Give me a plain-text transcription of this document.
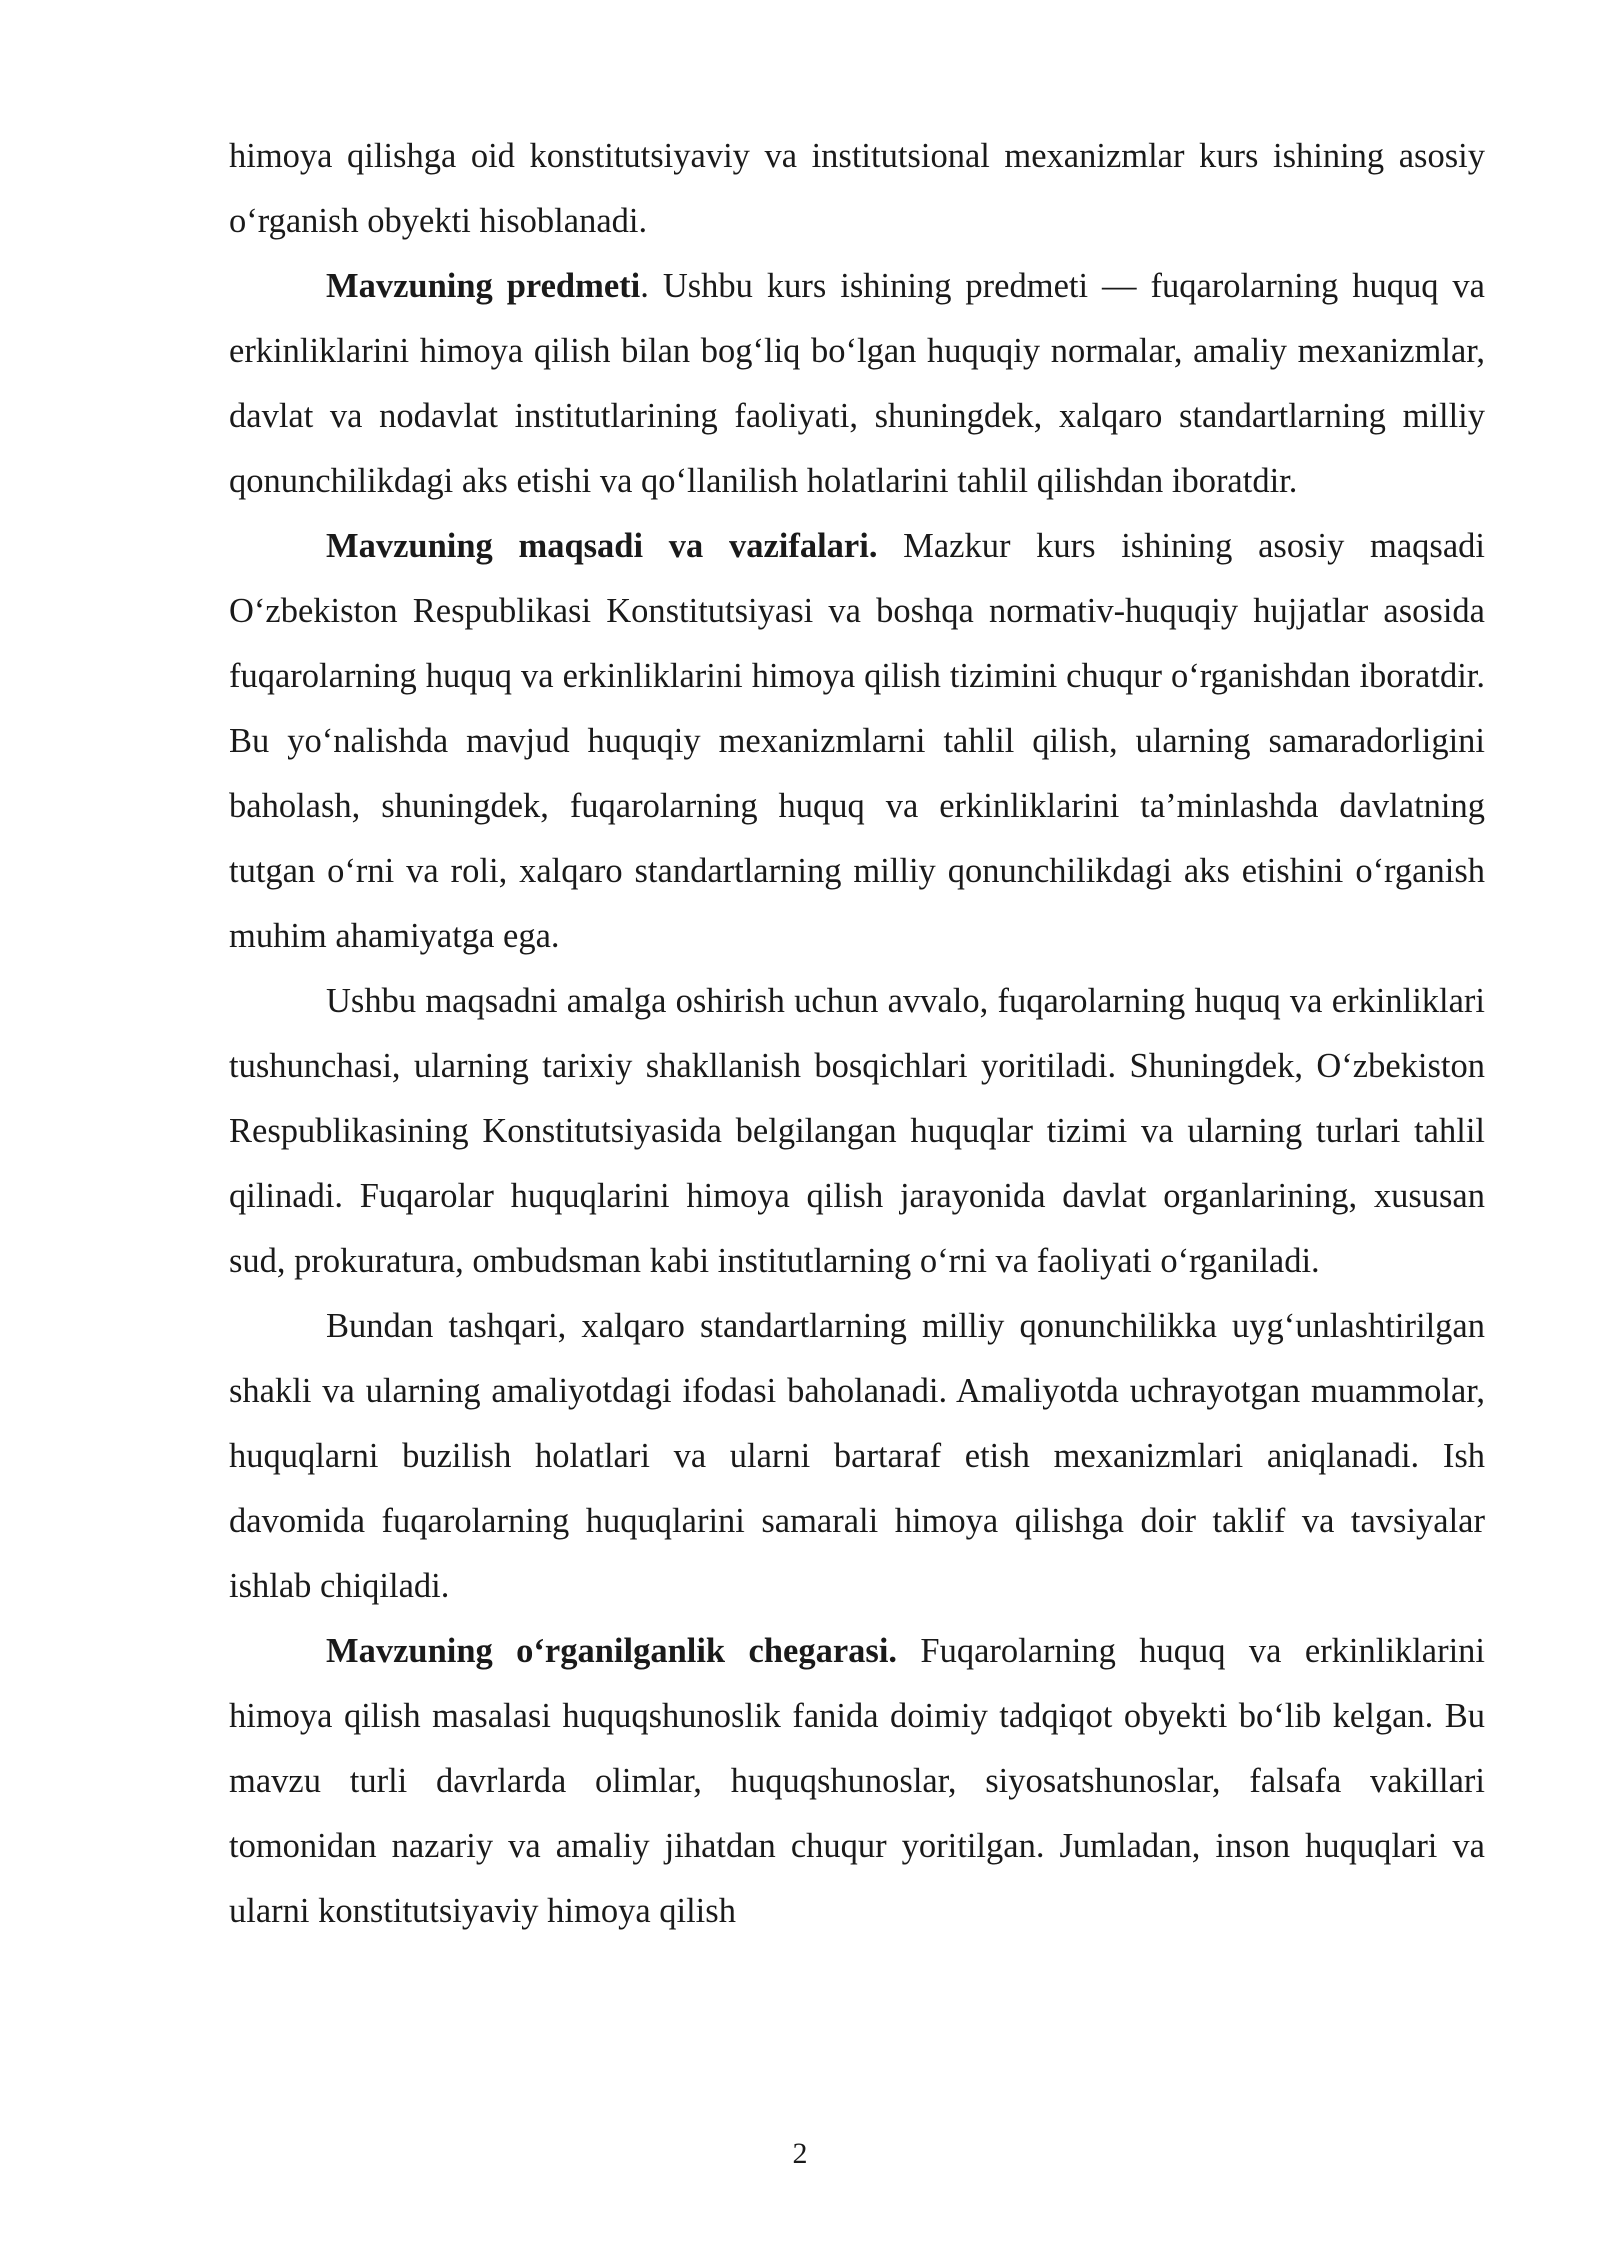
himoya qilishga oid konstitutsiyaviy va institutsional mexanizmlar kurs ishining asosiy o‘rganish obyekti hisoblanadi.

Mavzuning predmeti. Ushbu kurs ishining predmeti — fuqarolarning huquq va erkinliklarini himoya qilish bilan bog‘liq bo‘lgan huquqiy normalar, amaliy mexanizmlar, davlat va nodavlat institutlarining faoliyati, shuningdek, xalqaro standartlarning milliy qonunchilikdagi aks etishi va qo‘llanilish holatlarini tahlil qilishdan iboratdir.

Mavzuning maqsadi va vazifalari. Mazkur kurs ishining asosiy maqsadi O‘zbekiston Respublikasi Konstitutsiyasi va boshqa normativ-huquqiy hujjatlar asosida fuqarolarning huquq va erkinliklarini himoya qilish tizimini chuqur o‘rganishdan iboratdir. Bu yo‘nalishda mavjud huquqiy mexanizmlarni tahlil qilish, ularning samaradorligini baholash, shuningdek, fuqarolarning huquq va erkinliklarini ta’minlashda davlatning tutgan o‘rni va roli, xalqaro standartlarning milliy qonunchilikdagi aks etishini o‘rganish muhim ahamiyatga ega.

Ushbu maqsadni amalga oshirish uchun avvalo, fuqarolarning huquq va erkinliklari tushunchasi, ularning tarixiy shakllanish bosqichlari yoritiladi. Shuningdek, O‘zbekiston Respublikasining Konstitutsiyasida belgilangan huquqlar tizimi va ularning turlari tahlil qilinadi. Fuqarolar huquqlarini himoya qilish jarayonida davlat organlarining, xususan sud, prokuratura, ombudsman kabi institutlarning o‘rni va faoliyati o‘rganiladi.

Bundan tashqari, xalqaro standartlarning milliy qonunchilikka uyg‘unlashtirilgan shakli va ularning amaliyotdagi ifodasi baholanadi. Amaliyotda uchrayotgan muammolar, huquqlarni buzilish holatlari va ularni bartaraf etish mexanizmlari aniqlanadi. Ish davomida fuqarolarning huquqlarini samarali himoya qilishga doir taklif va tavsiyalar ishlab chiqiladi.

Mavzuning o‘rganilganlik chegarasi. Fuqarolarning huquq va erkinliklarini himoya qilish masalasi huquqshunoslik fanida doimiy tadqiqot obyekti bo‘lib kelgan. Bu mavzu turli davrlarda olimlar, huquqshunoslar, siyosatshunoslar, falsafa vakillari tomonidan nazariy va amaliy jihatdan chuqur yoritilgan. Jumladan, inson huquqlari va ularni konstitutsiyaviy himoya qilish

2
